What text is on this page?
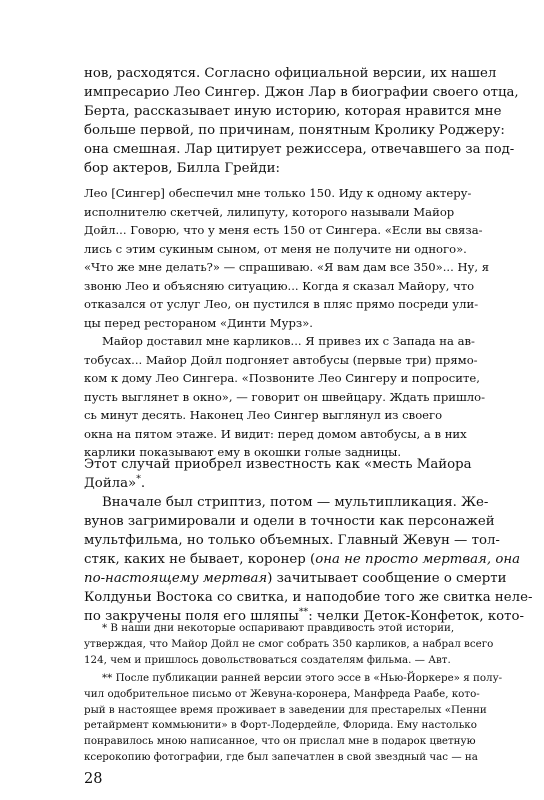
нов, расходятся. Согласно официальной версии, их нашел
импресарио Лео Сингер. Джон Лар в биографии своего отца,
Берта, рассказывает иную историю, которая нравится мне
больше первой, по причинам, понятным Кролику Роджеру:
она смешная. Лар цитирует режиссера, отвечавшего за под-
бор актеров, Билла Грейди:
Лео [Сингер] обеспечил мне только 150. Иду к одному актеру-
исполнителю скетчей, лилипуту, которого называли Майор
Дойл... Говорю, что у меня есть 150 от Сингера. «Если вы связа-
лись с этим сукиным сыном, от меня не получите ни одного».
«Что же мне делать?» — спрашиваю. «Я вам дам все 350»... Ну, я
звоню Лео и объясняю ситуацию... Когда я сказал Майору, что
отказался от услуг Лео, он пустился в пляс прямо посреди ули-
цы перед рестораном «Динти Мурз».
Майор доставил мне карликов... Я привез их с Запада на ав-
тобусах... Майор Дойл подгоняет автобусы (первые три) прямо-
ком к дому Лео Сингера. «Позвоните Лео Сингеру и попросите,
пусть выглянет в окно», — говорит он швейцару. Ждать пришло-
сь минут десять. Наконец Лео Сингер выглянул из своего
окна на пятом этаже. И видит: перед домом автобусы, а в них
карлики показывают ему в окошки голые задницы.
Этот случай приобрел известность как «месть Майора
Дойла»*.
Вначале был стриптиз, потом — мультипликация. Же-
вунов загримировали и одели в точности как персонажей
мультфильма, но только объемных. Главный Жевун — тол-
стяк, каких не бывает, коронер (она не просто мертвая, она
по-настоящему мертвая) зачитывает сообщение о смерти
Колдуньи Востока со свитка, и наподобие того же свитка неле-
по закручены поля его шляпы**: челки Деток-Конфеток, кото-
* В наши дни некоторые оспаривают правдивость этой истории,
утверждая, что Майор Дойл не смог собрать 350 карликов, а набрал всего
124, чем и пришлось довольствоваться создателям фильма. — Авт.
** После публикации ранней версии этого эссе в «Нью-Йоркере» я полу-
чил одобрительное письмо от Жевуна-коронера, Манфреда Раабе, кото-
рый в настоящее время проживает в заведении для престарелых «Пенни
ретайрмент коммьюнити» в Форт-Лодердейле, Флорида. Ему настолько
понравилось мною написанное, что он прислал мне в подарок цветную
ксерокопию фотографии, где был запечатлен в свой звездный час — на
28
